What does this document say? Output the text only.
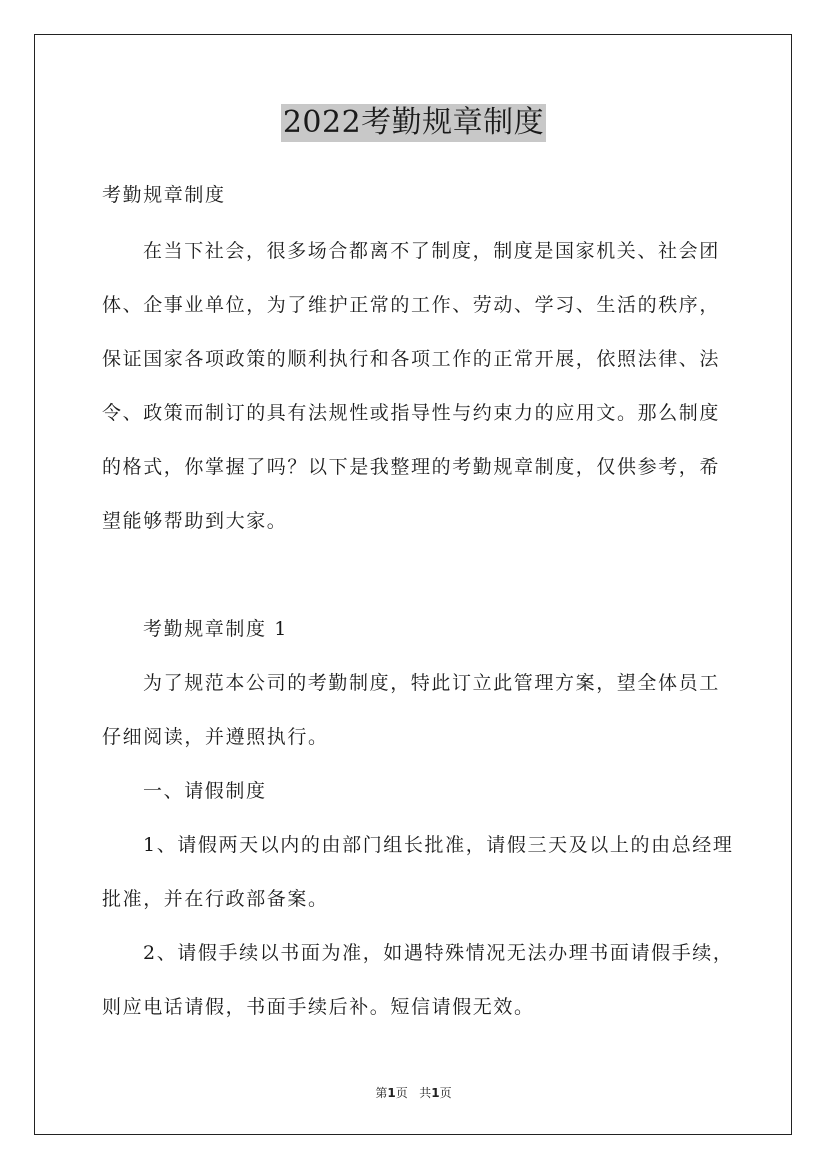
2022考勤规章制度
考勤规章制度
在当下社会，很多场合都离不了制度，制度是国家机关、社会团
体、企事业单位，为了维护正常的工作、劳动、学习、生活的秩序，
保证国家各项政策的顺利执行和各项工作的正常开展，依照法律、法
令、政策而制订的具有法规性或指导性与约束力的应用文。那么制度
的格式，你掌握了吗？以下是我整理的考勤规章制度，仅供参考，希
望能够帮助到大家。
考勤规章制度 1
为了规范本公司的考勤制度，特此订立此管理方案，望全体员工
仔细阅读，并遵照执行。
一、请假制度
1、请假两天以内的由部门组长批准，请假三天及以上的由总经理
批准，并在行政部备案。
2、请假手续以书面为准，如遇特殊情况无法办理书面请假手续，
则应电话请假，书面手续后补。短信请假无效。
第1页   共1页
